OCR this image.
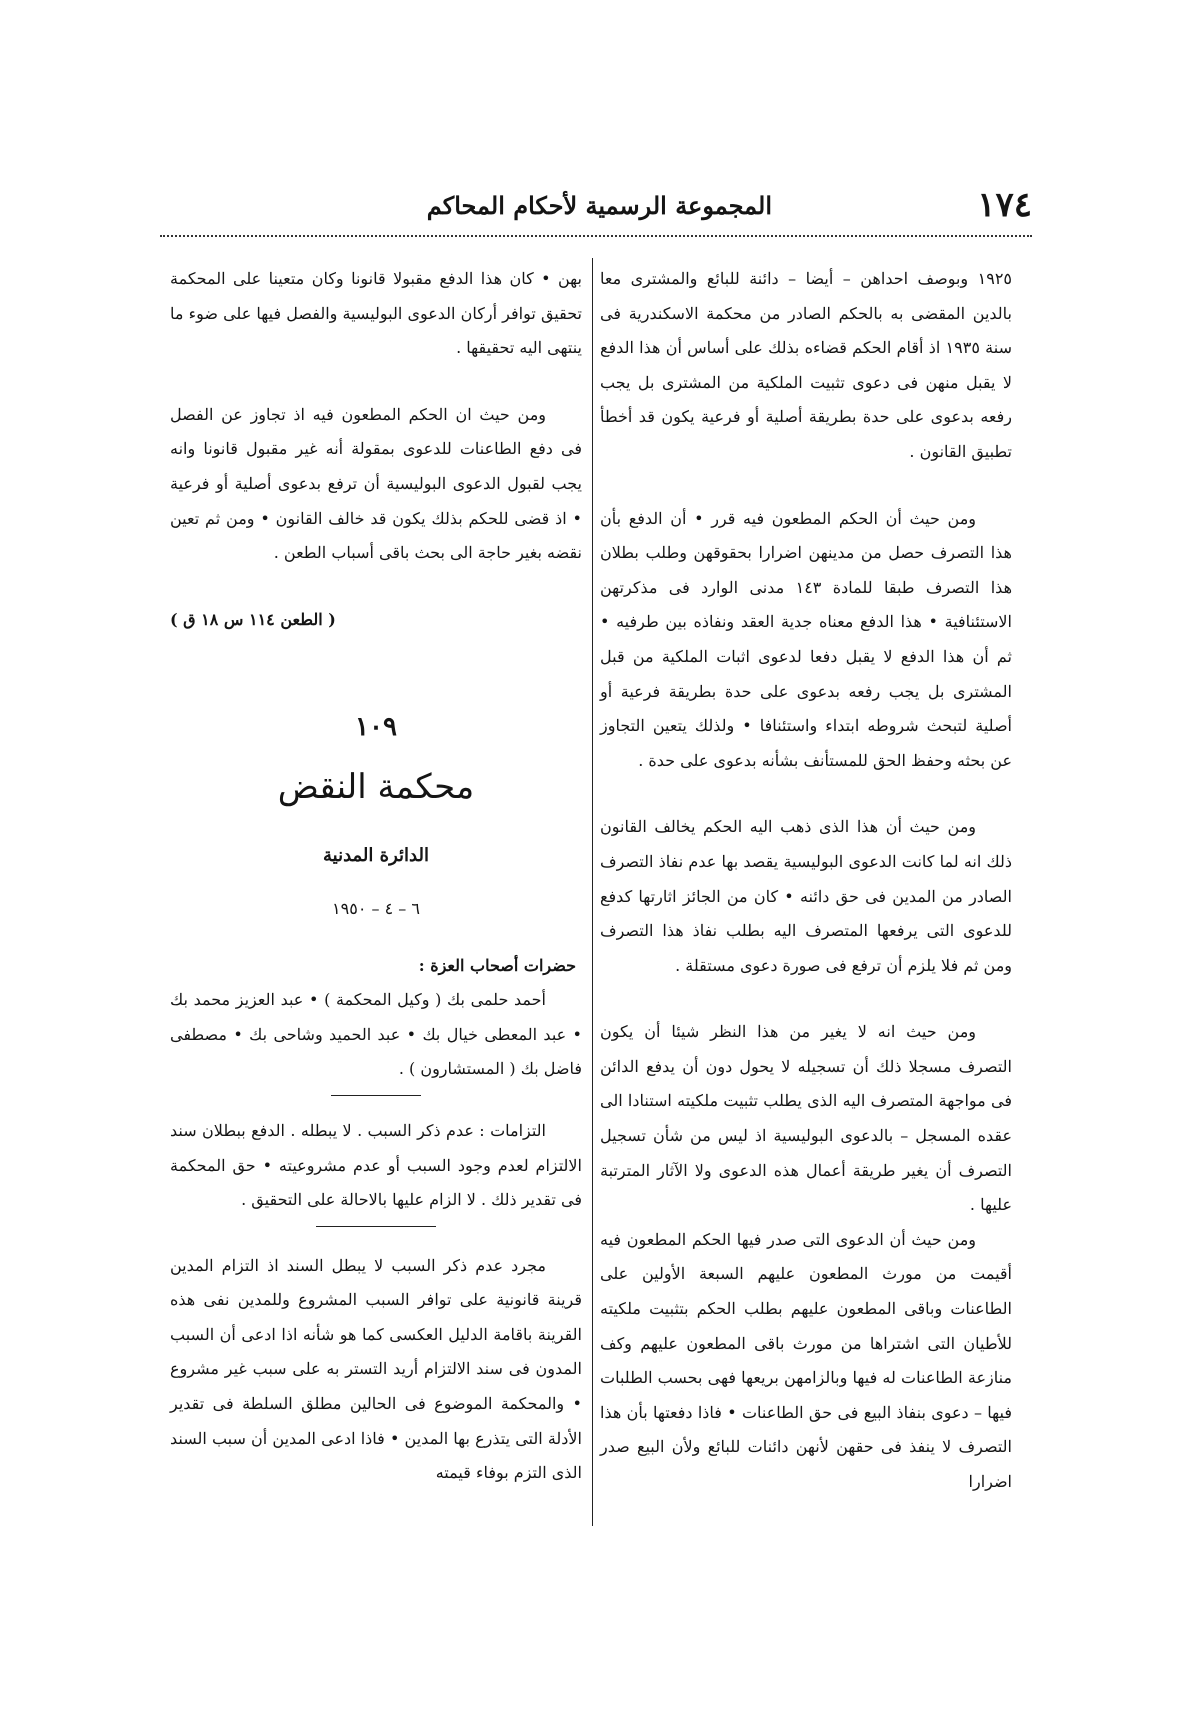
١٧٤
المجموعة الرسمية لأحكام المحاكم

١٩٢٥ وبوصف احداهن – أيضا – دائنة للبائع والمشترى معا بالدين المقضى به بالحكم الصادر من محكمة الاسكندرية فى سنة ١٩٣٥ اذ أقام الحكم قضاءه بذلك على أساس أن هذا الدفع لا يقبل منهن فى دعوى تثبيت الملكية من المشترى بل يجب رفعه بدعوى على حدة بطريقة أصلية أو فرعية يكون قد أخطأ تطبيق القانون .

ومن حيث أن الحكم المطعون فيه قرر • أن الدفع بأن هذا التصرف حصل من مدينهن اضرارا بحقوقهن وطلب بطلان هذا التصرف طبقا للمادة ١٤٣ مدنى الوارد فى مذكرتهن الاستئنافية • هذا الدفع معناه جدية العقد ونفاذه بين طرفيه • ثم أن هذا الدفع لا يقبل دفعا لدعوى اثبات الملكية من قبل المشترى بل يجب رفعه بدعوى على حدة بطريقة فرعية أو أصلية لتبحث شروطه ابتداء واستئنافا • ولذلك يتعين التجاوز عن بحثه وحفظ الحق للمستأنف بشأنه بدعوى على حدة .

ومن حيث أن هذا الذى ذهب اليه الحكم يخالف القانون ذلك انه لما كانت الدعوى البوليسية يقصد بها عدم نفاذ التصرف الصادر من المدين فى حق دائنه • كان من الجائز اثارتها كدفع للدعوى التى يرفعها المتصرف اليه بطلب نفاذ هذا التصرف ومن ثم فلا يلزم أن ترفع فى صورة دعوى مستقلة .

ومن حيث انه لا يغير من هذا النظر شيئا أن يكون التصرف مسجلا ذلك أن تسجيله لا يحول دون أن يدفع الدائن فى مواجهة المتصرف اليه الذى يطلب تثبيت ملكيته استنادا الى عقده المسجل – بالدعوى البوليسية اذ ليس من شأن تسجيل التصرف أن يغير طريقة أعمال هذه الدعوى ولا الآثار المترتبة عليها .

ومن حيث أن الدعوى التى صدر فيها الحكم المطعون فيه أقيمت من مورث المطعون عليهم السبعة الأولين على الطاعنات وباقى المطعون عليهم بطلب الحكم بتثبيت ملكيته للأطيان التى اشتراها من مورث باقى المطعون عليهم وكف منازعة الطاعنات له فيها وبالزامهن بريعها فهى بحسب الطلبات فيها – دعوى بنفاذ البيع فى حق الطاعنات • فاذا دفعتها بأن هذا التصرف لا ينفذ فى حقهن لأنهن دائنات للبائع ولأن البيع صدر اضرارا

بهن • كان هذا الدفع مقبولا قانونا وكان متعينا على المحكمة تحقيق توافر أركان الدعوى البوليسية والفصل فيها على ضوء ما ينتهى اليه تحقيقها .

ومن حيث ان الحكم المطعون فيه اذ تجاوز عن الفصل فى دفع الطاعنات للدعوى بمقولة أنه غير مقبول قانونا وانه يجب لقبول الدعوى البوليسية أن ترفع بدعوى أصلية أو فرعية • اذ قضى للحكم بذلك يكون قد خالف القانون • ومن ثم تعين نقضه بغير حاجة الى بحث باقى أسباب الطعن .

( الطعن ١١٤ س ١٨ ق )

١٠٩

محكمة النقض

الدائرة المدنية

٦ – ٤ – ١٩٥٠

حضرات أصحاب العزة :

أحمد حلمى بك ( وكيل المحكمة ) • عبد العزيز محمد بك • عبد المعطى خيال بك • عبد الحميد وشاحى بك • مصطفى فاضل بك ( المستشارون ) .

التزامات : عدم ذكر السبب . لا يبطله . الدفع ببطلان سند الالتزام لعدم وجود السبب أو عدم مشروعيته • حق المحكمة فى تقدير ذلك . لا الزام عليها بالاحالة على التحقيق .

مجرد عدم ذكر السبب لا يبطل السند اذ التزام المدين قرينة قانونية على توافر السبب المشروع وللمدين نفى هذه القرينة باقامة الدليل العكسى كما هو شأنه اذا ادعى أن السبب المدون فى سند الالتزام أريد التستر به على سبب غير مشروع • والمحكمة الموضوع فى الحالين مطلق السلطة فى تقدير الأدلة التى يتذرع بها المدين • فاذا ادعى المدين أن سبب السند الذى التزم بوفاء قيمته
